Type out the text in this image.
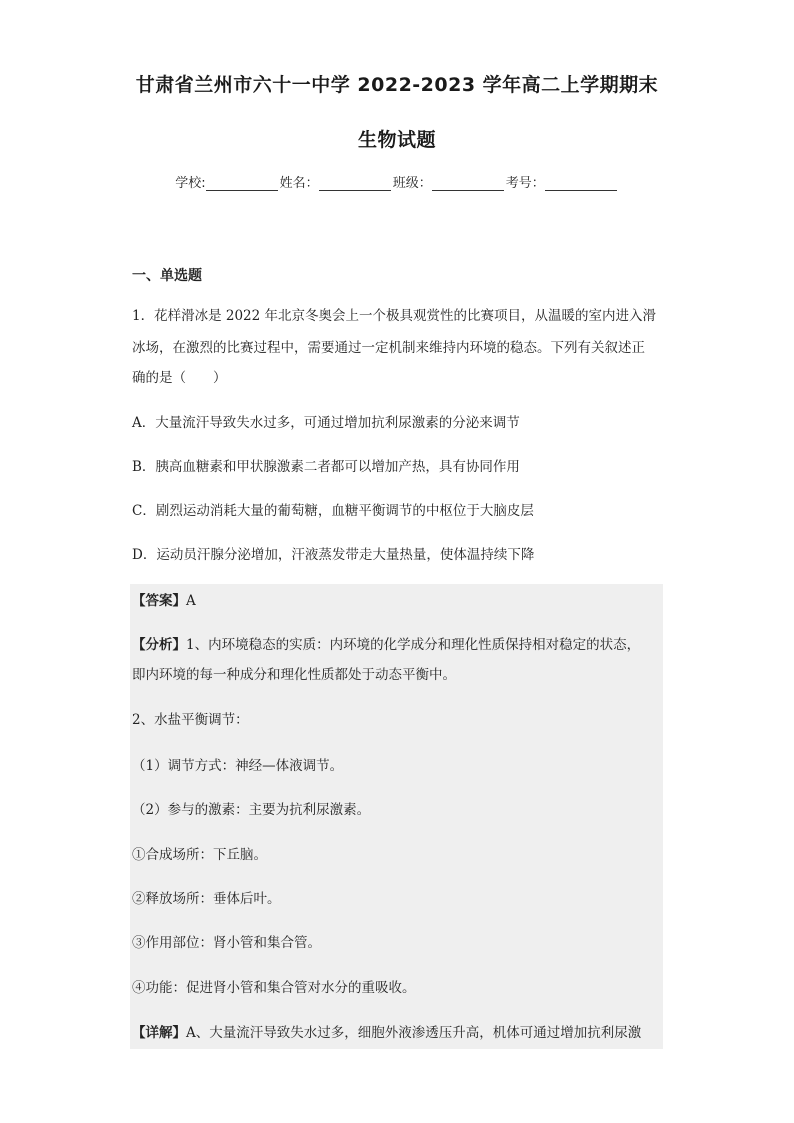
甘肃省兰州市六十一中学 2022-2023 学年高二上学期期末
生物试题
学校:	姓名：	班级：	考号：
一、单选题
1．花样滑冰是 2022 年北京冬奥会上一个极具观赏性的比赛项目，从温暖的室内进入滑
冰场，在激烈的比赛过程中，需要通过一定机制来维持内环境的稳态。下列有关叙述正
确的是（　　）
A．大量流汗导致失水过多，可通过增加抗利尿激素的分泌来调节
B．胰高血糖素和甲状腺激素二者都可以增加产热，具有协同作用
C．剧烈运动消耗大量的葡萄糖，血糖平衡调节的中枢位于大脑皮层
D．运动员汗腺分泌增加，汗液蒸发带走大量热量，使体温持续下降
【答案】A
【分析】1、内环境稳态的实质：内环境的化学成分和理化性质保持相对稳定的状态，
即内环境的每一种成分和理化性质都处于动态平衡中。
2、水盐平衡调节：
（1）调节方式：神经—体液调节。
（2）参与的激素：主要为抗利尿激素。
①合成场所：下丘脑。
②释放场所：垂体后叶。
③作用部位：肾小管和集合管。
④功能：促进肾小管和集合管对水分的重吸收。
【详解】A、大量流汗导致失水过多，细胞外液渗透压升高，机体可通过增加抗利尿激
